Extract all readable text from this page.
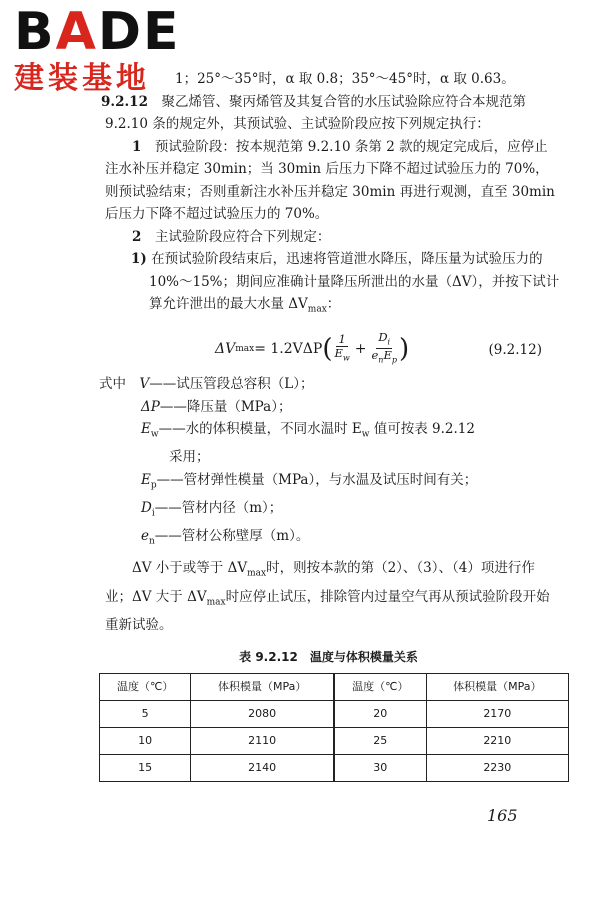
BADE
建装基地	1；25°～35°时，α 取 0.8；35°～45°时，α 取 0.63。

9.2.12　 聚乙烯管、聚丙烯管及其复合管的水压试验除应符合本规范第 9.2.10 条的规定外，其预试验、主试验阶段应按下列规定执行：

1　 预试验阶段：按本规范第 9.2.10 条第 2 款的规定完成后，应停止注水补压并稳定 30min；当 30min 后压力下降不超过试验压力的 70%，则预试验结束；否则重新注水补压并稳定 30min 再进行观测，直至 30min 后压力下降不超过试验压力的 70%。

2　 主试验阶段应符合下列规定：

1) 在预试验阶段结束后，迅速将管道泄水降压，降压量为试验压力的 10%～15%；期间应准确计量降压所泄出的水量（ΔV），并按下试计算允许泄出的最大水量 $\Delta V_{max}$：

ΔV max = 1.2VΔP ( $\frac{1}{E_w} + \frac{D_i}{e_nE_p}$ )	(9.2.12)

式中　 V——试压管段总容积（L）；

ΔP——降压量（MPa）；

$E_w——$水的体积模量，不同水温时 $E_w$ 值可按表 9.2.12

采用；

$E_p——$管材弹性模量（MPa），与水温及试压时间有关；

$D_i——$管材内径（m）；

$e_n——$管材公称壁厚（m）。

ΔV 小于或等于 $\Delta V_{max}$时，则按本款的第（2）、（3）、（4）项进行作业；ΔV 大于 $\Delta V_{max}$时应停止试压，排除管内过量空气再从预试验阶段开始重新试验。

表 9.2.12　温度与体积模量关系
温度（℃）	体积模量（MPa）	温度（℃）	体积模量（MPa）
5	2080	20	2170
10	2110	25	2210
15	2140	30	2230
165
